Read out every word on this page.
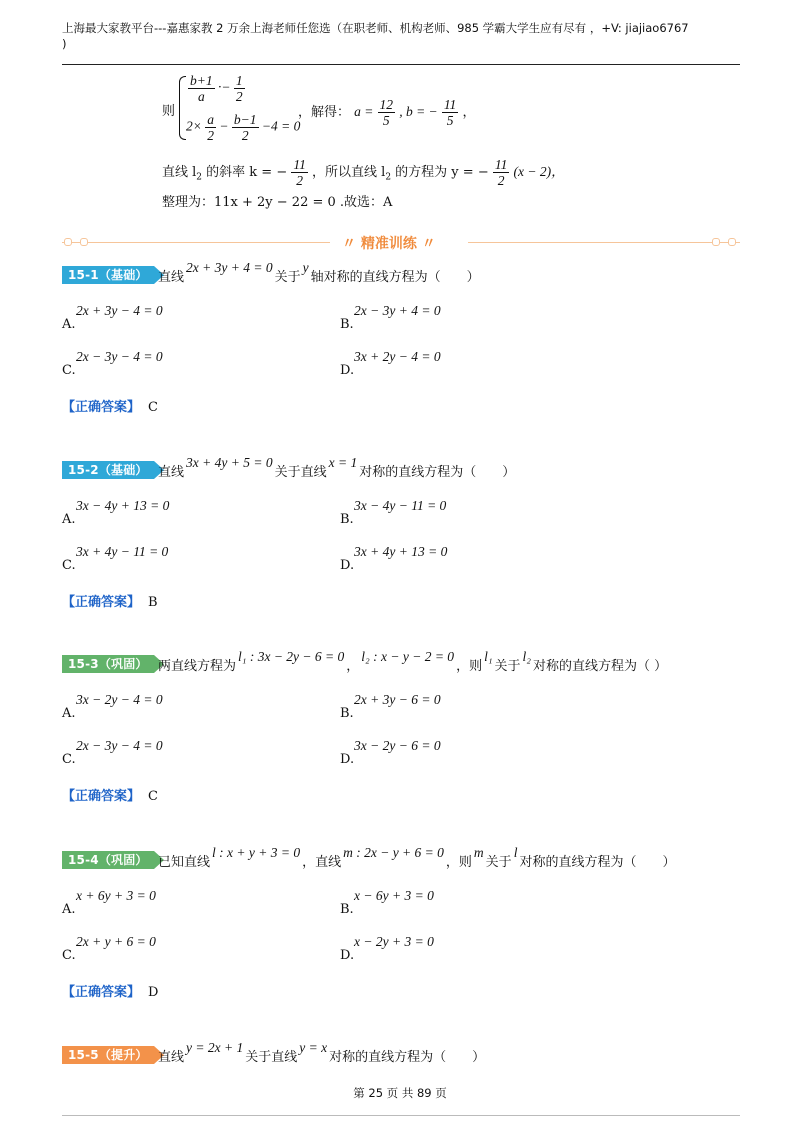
上海最大家教平台---嘉惠家教 2 万余上海老师任您选（在职老师、机构老师、985 学霸大学生应有尽有 ，+V: jiajiao6767
)
则
$\frac{b+1}{a} \cdot- \frac{1}{2}$
$2\times \frac{a}{2} - \frac{b-1}{2} -4 = 0$
，解得： $a = \frac{12}{5}$ , b = − $\frac{11}{5}$ ，
直线 $l_2$ 的斜率 k = − $\frac{11}{2}$ ，所以直线 $l_2$ 的方程为 y = − $\frac{11}{2} (x - 2)$，
整理为：11x + 2y − 22 = 0 .故选：A
〃 精准训练 〃
15-1（基础） 直线2x + 3y + 4 = 0关于y轴对称的直线方程为（　　）
2x + 3y − 4 = 0
A.
2x − 3y + 4 = 0
B.
2x − 3y − 4 = 0
C.
3x + 2y − 4 = 0
D.
【正确答案】 C
15-2（基础） 直线3x + 4y + 5 = 0关于直线x = 1对称的直线方程为（　　）
3x − 4y + 13 = 0
A.
3x − 4y − 11 = 0
B.
3x + 4y − 11 = 0
C.
3x + 4y + 13 = 0
D.
【正确答案】 B
15-3（巩固） 两直线方程为l₁ : 3x − 2y − 6 = 0，l₂ : x − y − 2 = 0，则l₁关于l₂对称的直线方程为（ ）
3x − 2y − 4 = 0
A.
2x + 3y − 6 = 0
B.
2x − 3y − 4 = 0
C.
3x − 2y − 6 = 0
D.
【正确答案】 C
15-4（巩固） 已知直线l : x + y + 3 = 0，直线m : 2x − y + 6 = 0，则m关于l对称的直线方程为（　　）
x + 6y + 3 = 0
A.
x − 6y + 3 = 0
B.
2x + y + 6 = 0
C.
x − 2y + 3 = 0
D.
【正确答案】 D
15-5（提升） 直线y = 2x + 1关于直线y = x对称的直线方程为（　　）
第 25 页 共 89 页
